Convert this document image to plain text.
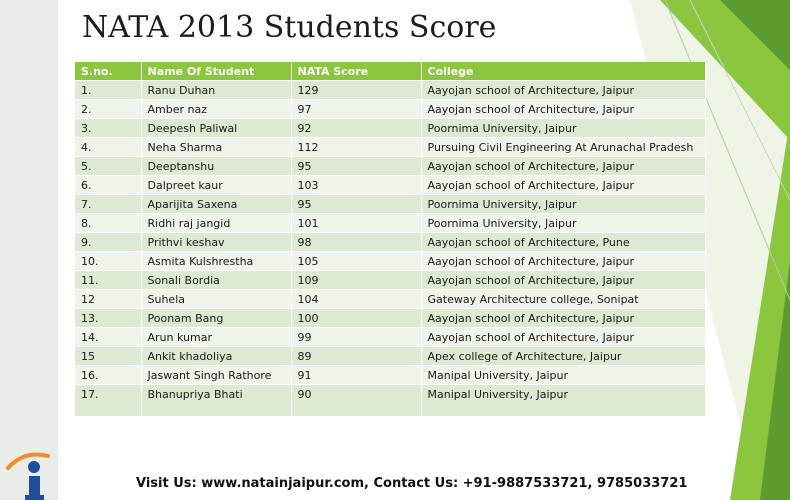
NATA 2013 Students Score
S.no.	Name Of Student	NATA Score	College
1.	Ranu Duhan	129	Aayojan school of Architecture, Jaipur
2.	Amber naz	97	Aayojan school of Architecture, Jaipur
3.	Deepesh Paliwal	92	Poornima University, Jaipur
4.	Neha Sharma	112	Pursuing Civil Engineering At Arunachal Pradesh
5.	Deeptanshu	95	Aayojan school of Architecture, Jaipur
6.	Dalpreet kaur	103	Aayojan school of Architecture, Jaipur
7.	Aparijita Saxena	95	Poornima University, Jaipur
8.	Ridhi raj jangid	101	Poornima University, Jaipur
9.	Prithvi keshav	98	Aayojan school of Architecture, Pune
10.	Asmita Kulshrestha	105	Aayojan school of Architecture, Jaipur
11.	Sonali Bordia	109	Aayojan school of Architecture, Jaipur
12	Suhela	104	Gateway Architecture college, Sonipat
13.	Poonam Bang	100	Aayojan school of Architecture, Jaipur
14.	Arun kumar	99	Aayojan school of Architecture, Jaipur
15	Ankit khadoliya	89	Apex college of Architecture, Jaipur
16.	Jaswant Singh Rathore	91	Manipal University, Jaipur
17.	Bhanupriya Bhati	90	Manipal University, Jaipur
Visit Us: www.natainjaipur.com, Contact Us: +91-9887533721, 9785033721
